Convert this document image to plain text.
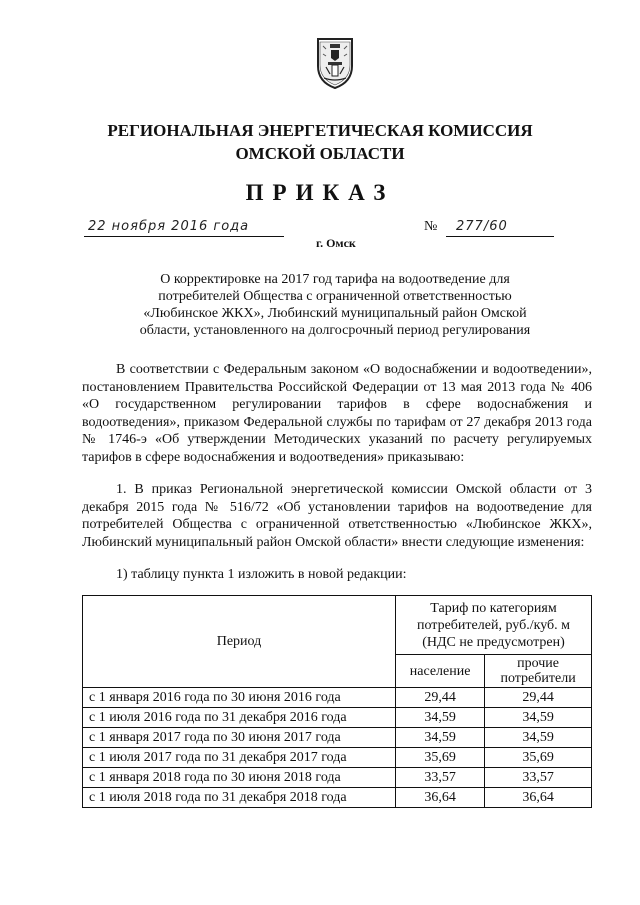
РЕГИОНАЛЬНАЯ ЭНЕРГЕТИЧЕСКАЯ КОМИССИЯ
ОМСКОЙ ОБЛАСТИ
ПРИКАЗ
22 ноября 2016 года	№ 277/60
г. Омск
О корректировке на 2017 год тарифа на водоотведение для
потребителей Общества с ограниченной ответственностью
«Любинское ЖКХ», Любинский муниципальный район Омской
области, установленного на долгосрочный период регулирования
В соответствии с Федеральным законом «О водоснабжении и водоотведении», постановлением Правительства Российской Федерации от 13 мая 2013 года № 406 «О государственном регулировании тарифов в сфере водоснабжения и водоотведения», приказом Федеральной службы по тарифам от 27 декабря 2013 года № 1746-э «Об утверждении Методических указаний по расчету регулируемых тарифов в сфере водоснабжения и водоотведения» приказываю:
1. В приказ Региональной энергетической комиссии Омской области от 3 декабря 2015 года № 516/72 «Об установлении тарифов на водоотведение для потребителей Общества с ограниченной ответственностью «Любинское ЖКХ», Любинский муниципальный район Омской области» внести следующие изменения:
1) таблицу пункта 1 изложить в новой редакции:
Период	Тариф по категориям
потребителей, руб./куб. м
(НДС не предусмотрен)	

	население	прочие
потребители

с 1 января 2016 года по 30 июня 2016 года	29,44	29,44
с 1 июля 2016 года по 31 декабря 2016 года	34,59	34,59
с 1 января 2017 года по 30 июня 2017 года	34,59	34,59
с 1 июля 2017 года по 31 декабря 2017 года	35,69	35,69
с 1 января 2018 года по 30 июня 2018 года	33,57	33,57
с 1 июля 2018 года по 31 декабря 2018 года	36,64	36,64
